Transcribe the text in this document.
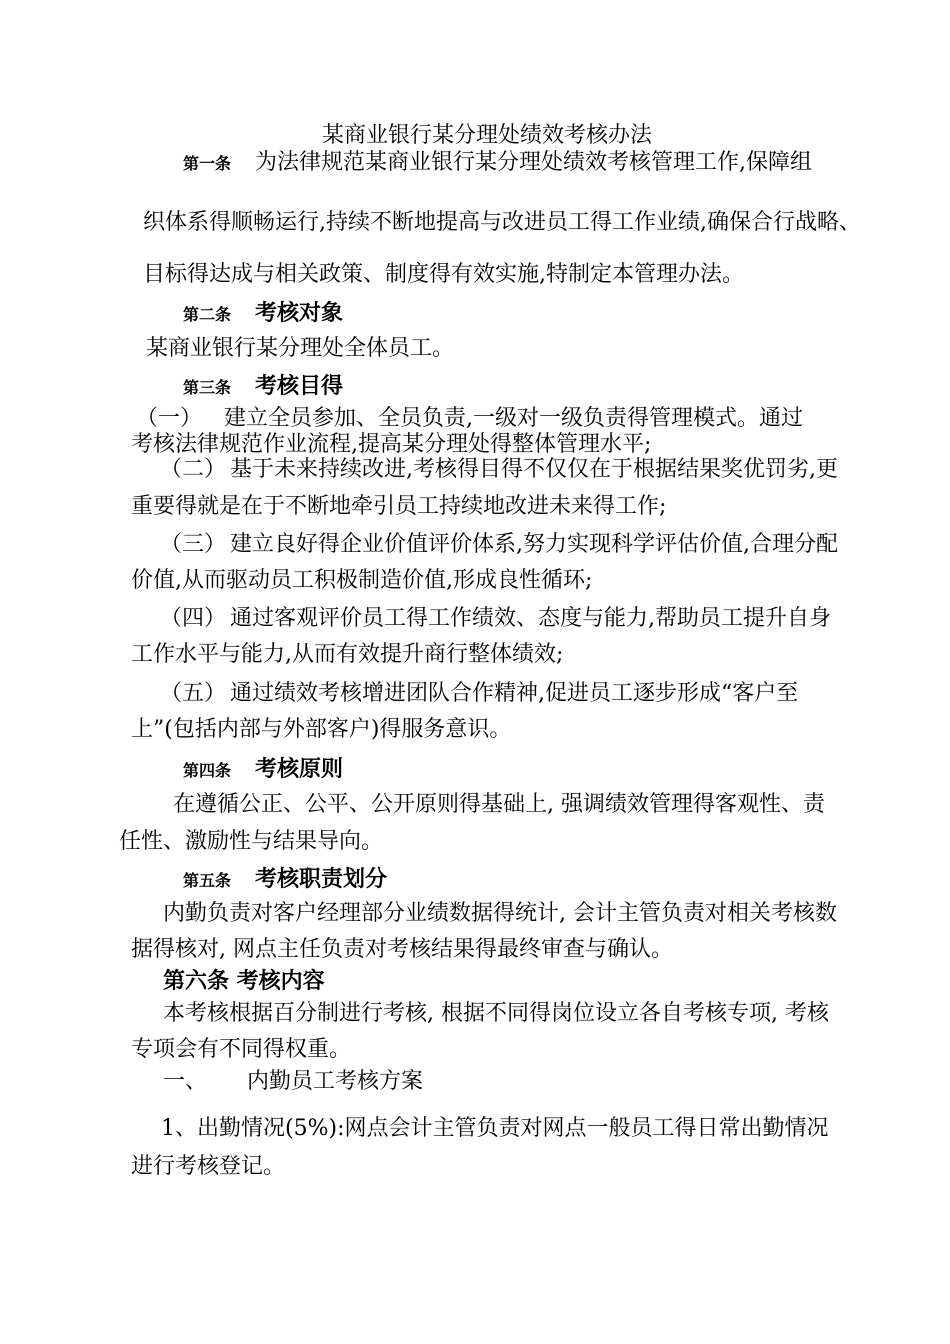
某商业银行某分理处绩效考核办法
第一条 为法律规范某商业银行某分理处绩效考核管理工作,保障组
织体系得顺畅运行,持续不断地提高与改进员工得工作业绩,确保合行战略、
目标得达成与相关政策、制度得有效实施,特制定本管理办法。
第二条 考核对象
某商业银行某分理处全体员工。
第三条 考核目得
（一） 建立全员参加、全员负责,一级对一级负责得管理模式。通过
考核法律规范作业流程,提高某分理处得整体管理水平;
（二） 基于未来持续改进,考核得目得不仅仅在于根据结果奖优罚劣,更
重要得就是在于不断地牵引员工持续地改进未来得工作;
（三） 建立良好得企业价值评价体系,努力实现科学评估价值,合理分配
价值,从而驱动员工积极制造价值,形成良性循环;
（四） 通过客观评价员工得工作绩效、态度与能力,帮助员工提升自身
工作水平与能力,从而有效提升商行整体绩效;
（五） 通过绩效考核增进团队合作精神,促进员工逐步形成“客户至
上”(包括内部与外部客户)得服务意识。
第四条 考核原则
在遵循公正、公平、公开原则得基础上, 强调绩效管理得客观性、责
任性、激励性与结果导向。
第五条 考核职责划分
内勤负责对客户经理部分业绩数据得统计, 会计主管负责对相关考核数
据得核对, 网点主任负责对考核结果得最终审查与确认。
第六条 考核内容
本考核根据百分制进行考核, 根据不同得岗位设立各自考核专项, 考核
专项会有不同得权重。
一、 内勤员工考核方案
1、出勤情况(5%):网点会计主管负责对网点一般员工得日常出勤情况
进行考核登记。
